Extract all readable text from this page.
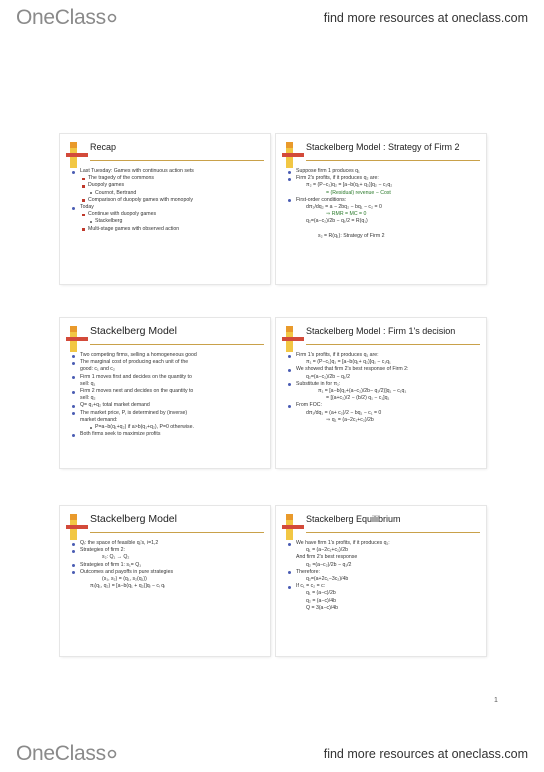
OneClass	find more resources at oneclass.com
Recap
Last Tuesday: Games with continuous action sets
The tragedy of the commons
Duopoly games
Cournot, Bertrand
Comparison of duopoly games with monopoly
Today
Continue with duopoly games
Stackelberg
Multi-stage games with observed action
Stackelberg Model : Strategy of Firm 2
Suppose firm 1 produces q₁
Firm 2's profits, if it produces q₂ are:
π₂ = (P−c₂)q₂ = [a−b(q₁+ q₂)]q₂ − c₂q₂
= (Residual) revenue − Cost
First-order conditions:
dπ₂/dq₂ = a − 2bq₂ − bq₁ − c₂ = 0
⇒ RMR = MC = 0
q₂=(a−c₂)/2b − q₁/2 = R(q₁)

s₂ = R(q₁): Strategy of Firm 2
Stackelberg Model
Two competing firms, selling a homogeneous good
The marginal cost of producing each unit of the
good: c₁ and c₂
Firm 1 moves first and decides on the quantity to
sell: q₁
Firm 2 moves next and decides on the quantity to
sell: q₂
Q= q₁+q₂ total market demand
The market price, P, is determined by (inverse)
market demand:
P=a−b(q₁+q₂) if a>b(q₁+q₂), P=0 otherwise.
Both firms seek to maximize profits
Stackelberg Model : Firm 1's decision
Firm 1's profits, if it produces q₁ are:
π₁ = (P−c₁)q₁ = [a−b(q₁+ q₂)]q₁ − c₁q₁
We showed that firm 2's best response of Firm 2:
q₂=(a−c₂)/2b − q₁/2
Substitute in for π₁:
π₁ = [a−b(q₁+(a−c₂)/2b− q₁/2)]q₁ − c₁q₁
= [(a+c₂)/2 − (b/2) q₁ − c₁]q₁
From FOC:
dπ₁/dq₁ = (a+ c₂)/2 − bq₁ − c₁ = 0
⇒ q₁ = (a−2c₁+c₂)/2b
Stackelberg Model
Qᵢ: the space of feasible qᵢ's, i=1,2
Strategies of firm 2:
s₂: Q₁ → Q₂
Strategies of firm 1: s₁= Q₁
Outcomes and payoffs in pure strategies
(s₁, s₂) = (q₁, s₂(q₁))
πᵢ(q₁, q₂) = [a−b(q₁ + q₂)]qᵢ − cᵢ qᵢ
Stackelberg Equilibrium
We have firm 1's profits, if it produces q₁:
q₁ = (a−2c₁+c₂)/2b
And firm 2's best response
q₂ =(a−c₂)/2b − q₁/2
Therefore:
q₂=(a+2c₁−3c₂)/4b
If c₁ = c₂ = c:
q₁ = (a−c)/2b
q₂ = (a−c)/4b
Q = 3(a−c)/4b
1
OneClass	find more resources at oneclass.com
